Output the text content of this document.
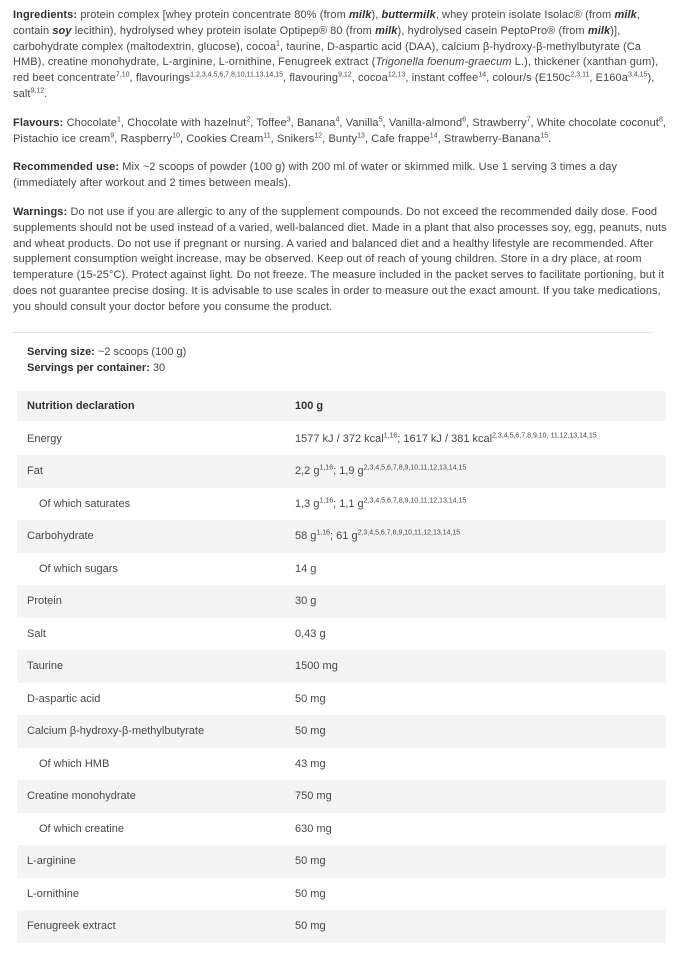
Ingredients: protein complex [whey protein concentrate 80% (from milk), buttermilk, whey protein isolate Isolac® (from milk, contain soy lecithin), hydrolysed whey protein isolate Optipep® 80 (from milk), hydrolysed casein PeptoPro® (from milk)], carbohydrate complex (maltodextrin, glucose), cocoa$^1$, taurine, D-aspartic acid (DAA), calcium β-hydroxy-β-methylbutyrate (Ca HMB), creatine monohydrate, L-arginine, L-ornithine, Fenugreek extract (Trigonella foenum-graecum L.), thickener (xanthan gum), red beet concentrate$^{7,10}$, flavourings$^{1,2,3,4,5,6,7,8,10,11,13,14,15}$, flavouring$^{9,12}$, cocoa$^{12,13}$, instant coffee$^{14}$, colour/s ($E150c^{2,3,11}$, $E160a^{3,4,15}$), salt$^{9,12}$.

Flavours: Chocolate$^1$, Chocolate with hazelnut$^2$, Toffee$^3$, Banana$^4$, Vanilla$^5$, Vanilla-almond$^6$, Strawberry$^7$, White chocolate coconut$^8$, Pistachio ice cream$^9$, Raspberry$^{10}$, Cookies Cream$^{11}$, Snikers$^{12}$, Bunty$^{13}$, Cafe frappe$^{14}$, Strawberry-Banana$^{15}$.

Recommended use: Mix ~2 scoops of powder (100 g) with 200 ml of water or skimmed milk. Use 1 serving 3 times a day (immediately after workout and 2 times between meals).

Warnings: Do not use if you are allergic to any of the supplement compounds. Do not exceed the recommended daily dose. Food supplements should not be used instead of a varied, well-balanced diet. Made in a plant that also processes soy, egg, peanuts, nuts and wheat products. Do not use if pregnant or nursing. A varied and balanced diet and a healthy lifestyle are recommended. After supplement consumption weight increase, may be observed. Keep out of reach of young children. Store in a dry place, at room temperature (15-25°C). Protect against light. Do not freeze. The measure included in the packet serves to facilitate portioning, but it does not guarantee precise dosing. It is advisable to use scales in order to measure out the exact amount. If you take medications, you should consult your doctor before you consume the product.

Serving size: ~2 scoops (100 g)

Servings per container: 30

Nutrition declaration	100 g
Energy	1577 kJ / 372 kcal$^{1,16}$; 1617 kJ / 381 kcal$^{2,3,4,5,6,7,8,9,10, 11,12,13,14,15}$
Fat	2,2 $g^{1,16}$; 1,9 $g^{2,3,4,5,6,7,8,9,10,11,12,13,14,15}$
Of which saturates	1,3 $g^{1,16}$; 1,1 $g^{2,3,4,5,6,7,8,9,10,11,12,13,14,15}$
Carbohydrate	58 $g^{1,16}$; 61 $g^{2,3,4,5,6,7,8,9,10,11,12,13,14,15}$
Of which sugars	14 g
Protein	30 g
Salt	0,43 g
Taurine	1500 mg
D-aspartic acid	50 mg
Calcium β-hydroxy-β-methylbutyrate	50 mg
Of which HMB	43 mg
Creatine monohydrate	750 mg
Of which creatine	630 mg
L-arginine	50 mg
L-ornithine	50 mg
Fenugreek extract	50 mg
